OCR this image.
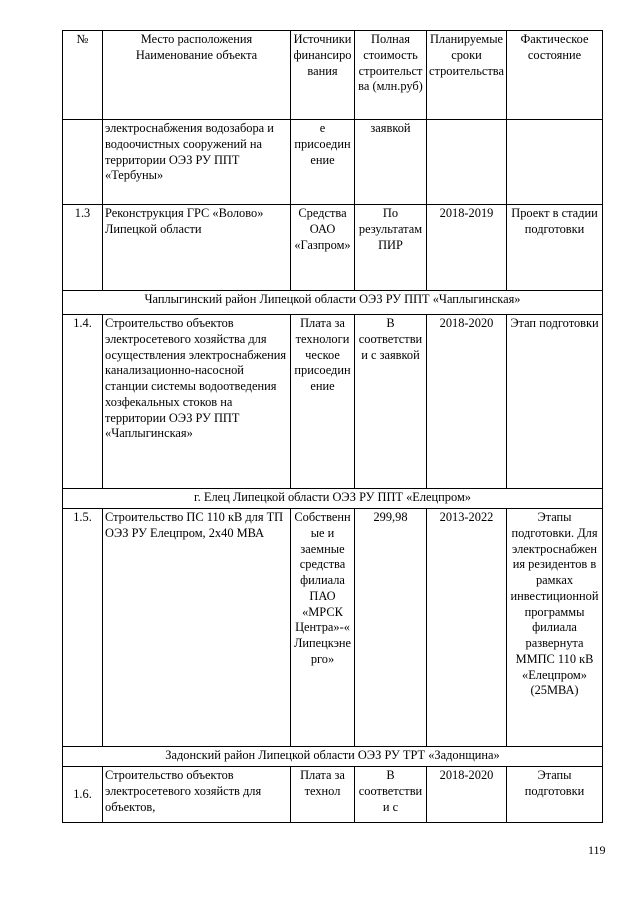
№	Место расположения Наименование объекта	Источники финансирования	Полная стоимость строительства (млн.руб)	Планируемые сроки строительства	Фактическое состояние
	электроснабжения водозабора и водоочистных сооружений на территории ОЭЗ РУ ППТ «Тербуны»	е присоединение	заявкой		
1.3	Реконструкция ГРС «Волово» Липецкой области	Средства ОАО «Газпром»	По результатам ПИР	2018-2019	Проект в стадии подготовки
Чаплыгинский район Липецкой области ОЭЗ РУ ППТ «Чаплыгинская»					
1.4.	Строительство объектов электросетевого хозяйства для осуществления электроснабжения канализационно-насосной станции системы водоотведения хозфекальных стоков на территории ОЭЗ РУ ППТ «Чаплыгинская»	Плата за технологическое присоединение	В соответствии с заявкой	2018-2020	Этап подготовки
г. Елец Липецкой области ОЭЗ РУ ППТ «Елецпром»					
1.5.	Строительство ПС 110 кВ для ТП ОЭЗ РУ Елецпром, 2х40 МВА	Собственные и заемные средства филиала ПАО «МРСК Центра»-«Липецкэнерго»	299,98	2013-2022	Этапы подготовки. Для электроснабжения резидентов в рамках инвестиционной программы филиала развернута ММПС 110 кВ «Елецпром» (25МВА)
Задонский район Липецкой области ОЭЗ РУ ТРТ «Задонщина»					
1.6.	Строительство объектов электросетевого хозяйств для объектов,	Плата за технол	В соответствии с	2018-2020	Этапы подготовки
119
